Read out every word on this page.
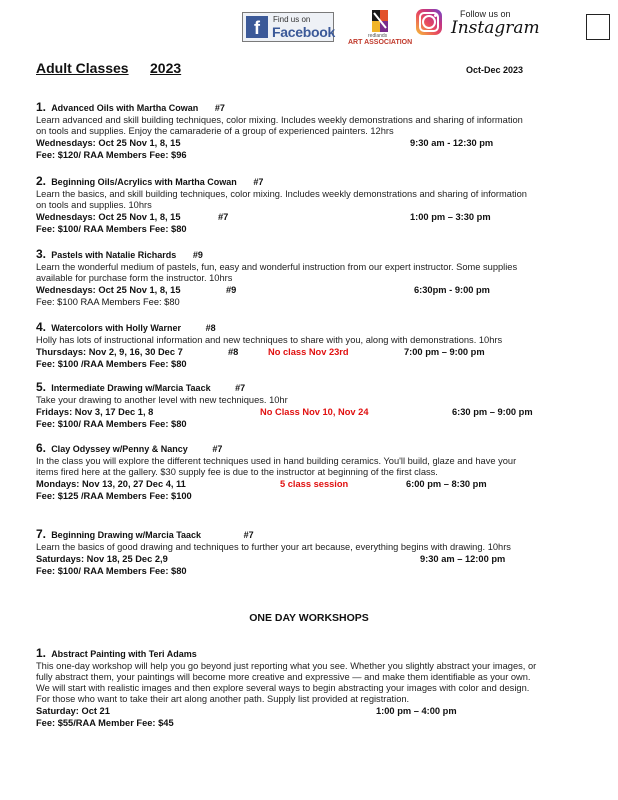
f	Find us on
Facebook	redlands
ART ASSOCIATION
Follow us on
Instagram
Adult Classes 2023	Oct-Dec 2023
1. Advanced Oils with Martha Cowan #7
Learn advanced and skill building techniques, color mixing. Includes weekly demonstrations and sharing of information
on tools and supplies. Enjoy the camaraderie of a group of experienced painters. 12hrs
Wednesdays: Oct 25 Nov 1, 8, 15	9:30 am - 12:30 pm
Fee: $120/ RAA Members Fee: $96
2. Beginning Oils/Acrylics with Martha Cowan #7
Learn the basics, and skill building techniques, color mixing. Includes weekly demonstrations and sharing of information
on tools and supplies. 10hrs
Wednesdays: Oct 25 Nov 1, 8, 15	#7	1:00 pm – 3:30 pm
Fee: $100/ RAA Members Fee: $80
3. Pastels with Natalie Richards #9
Learn the wonderful medium of pastels, fun, easy and wonderful instruction from our expert instructor. Some supplies
available for purchase form the instructor. 10hrs
Wednesdays: Oct 25 Nov 1, 8, 15	#9	6:30pm - 9:00 pm
Fee: $100 RAA Members Fee: $80
4. Watercolors with Holly Warner	#8
Holly has lots of instructional information and new techniques to share with you, along with demonstrations. 10hrs
Thursdays: Nov 2, 9, 16, 30 Dec 7	#8	No class Nov 23rd	7:00 pm – 9:00 pm
Fee: $100 /RAA Members Fee: $80
5. Intermediate Drawing w/Marcia Taack	#7
Take your drawing to another level with new techniques. 10hr
Fridays: Nov 3, 17 Dec 1, 8	No Class Nov 10, Nov 24	6:30 pm – 9:00 pm
Fee: $100/ RAA Members Fee: $80
6. Clay Odyssey w/Penny & Nancy	#7
In the class you will explore the different techniques used in hand building ceramics. You'll build, glaze and have your
items fired here at the gallery. $30 supply fee is due to the instructor at beginning of the first class.
Mondays: Nov 13, 20, 27 Dec 4, 11	5 class session	6:00 pm – 8:30 pm
Fee: $125 /RAA Members Fee: $100
7. Beginning Drawing w/Marcia Taack	#7
Learn the basics of good drawing and techniques to further your art because, everything begins with drawing. 10hrs
Saturdays: Nov 18, 25 Dec 2,9	9:30 am – 12:00 pm
Fee: $100/ RAA Members Fee: $80
ONE DAY WORKSHOPS
1. Abstract Painting with Teri Adams
This one-day workshop will help you go beyond just reporting what you see. Whether you slightly abstract your images, or
fully abstract them, your paintings will become more creative and expressive — and make them identifiable as your own.
We will start with realistic images and then explore several ways to begin abstracting your images with color and design.
For those who want to take their art along another path. Supply list provided at registration.
Saturday: Oct 21	1:00 pm – 4:00 pm
Fee: $55/RAA Member Fee: $45
